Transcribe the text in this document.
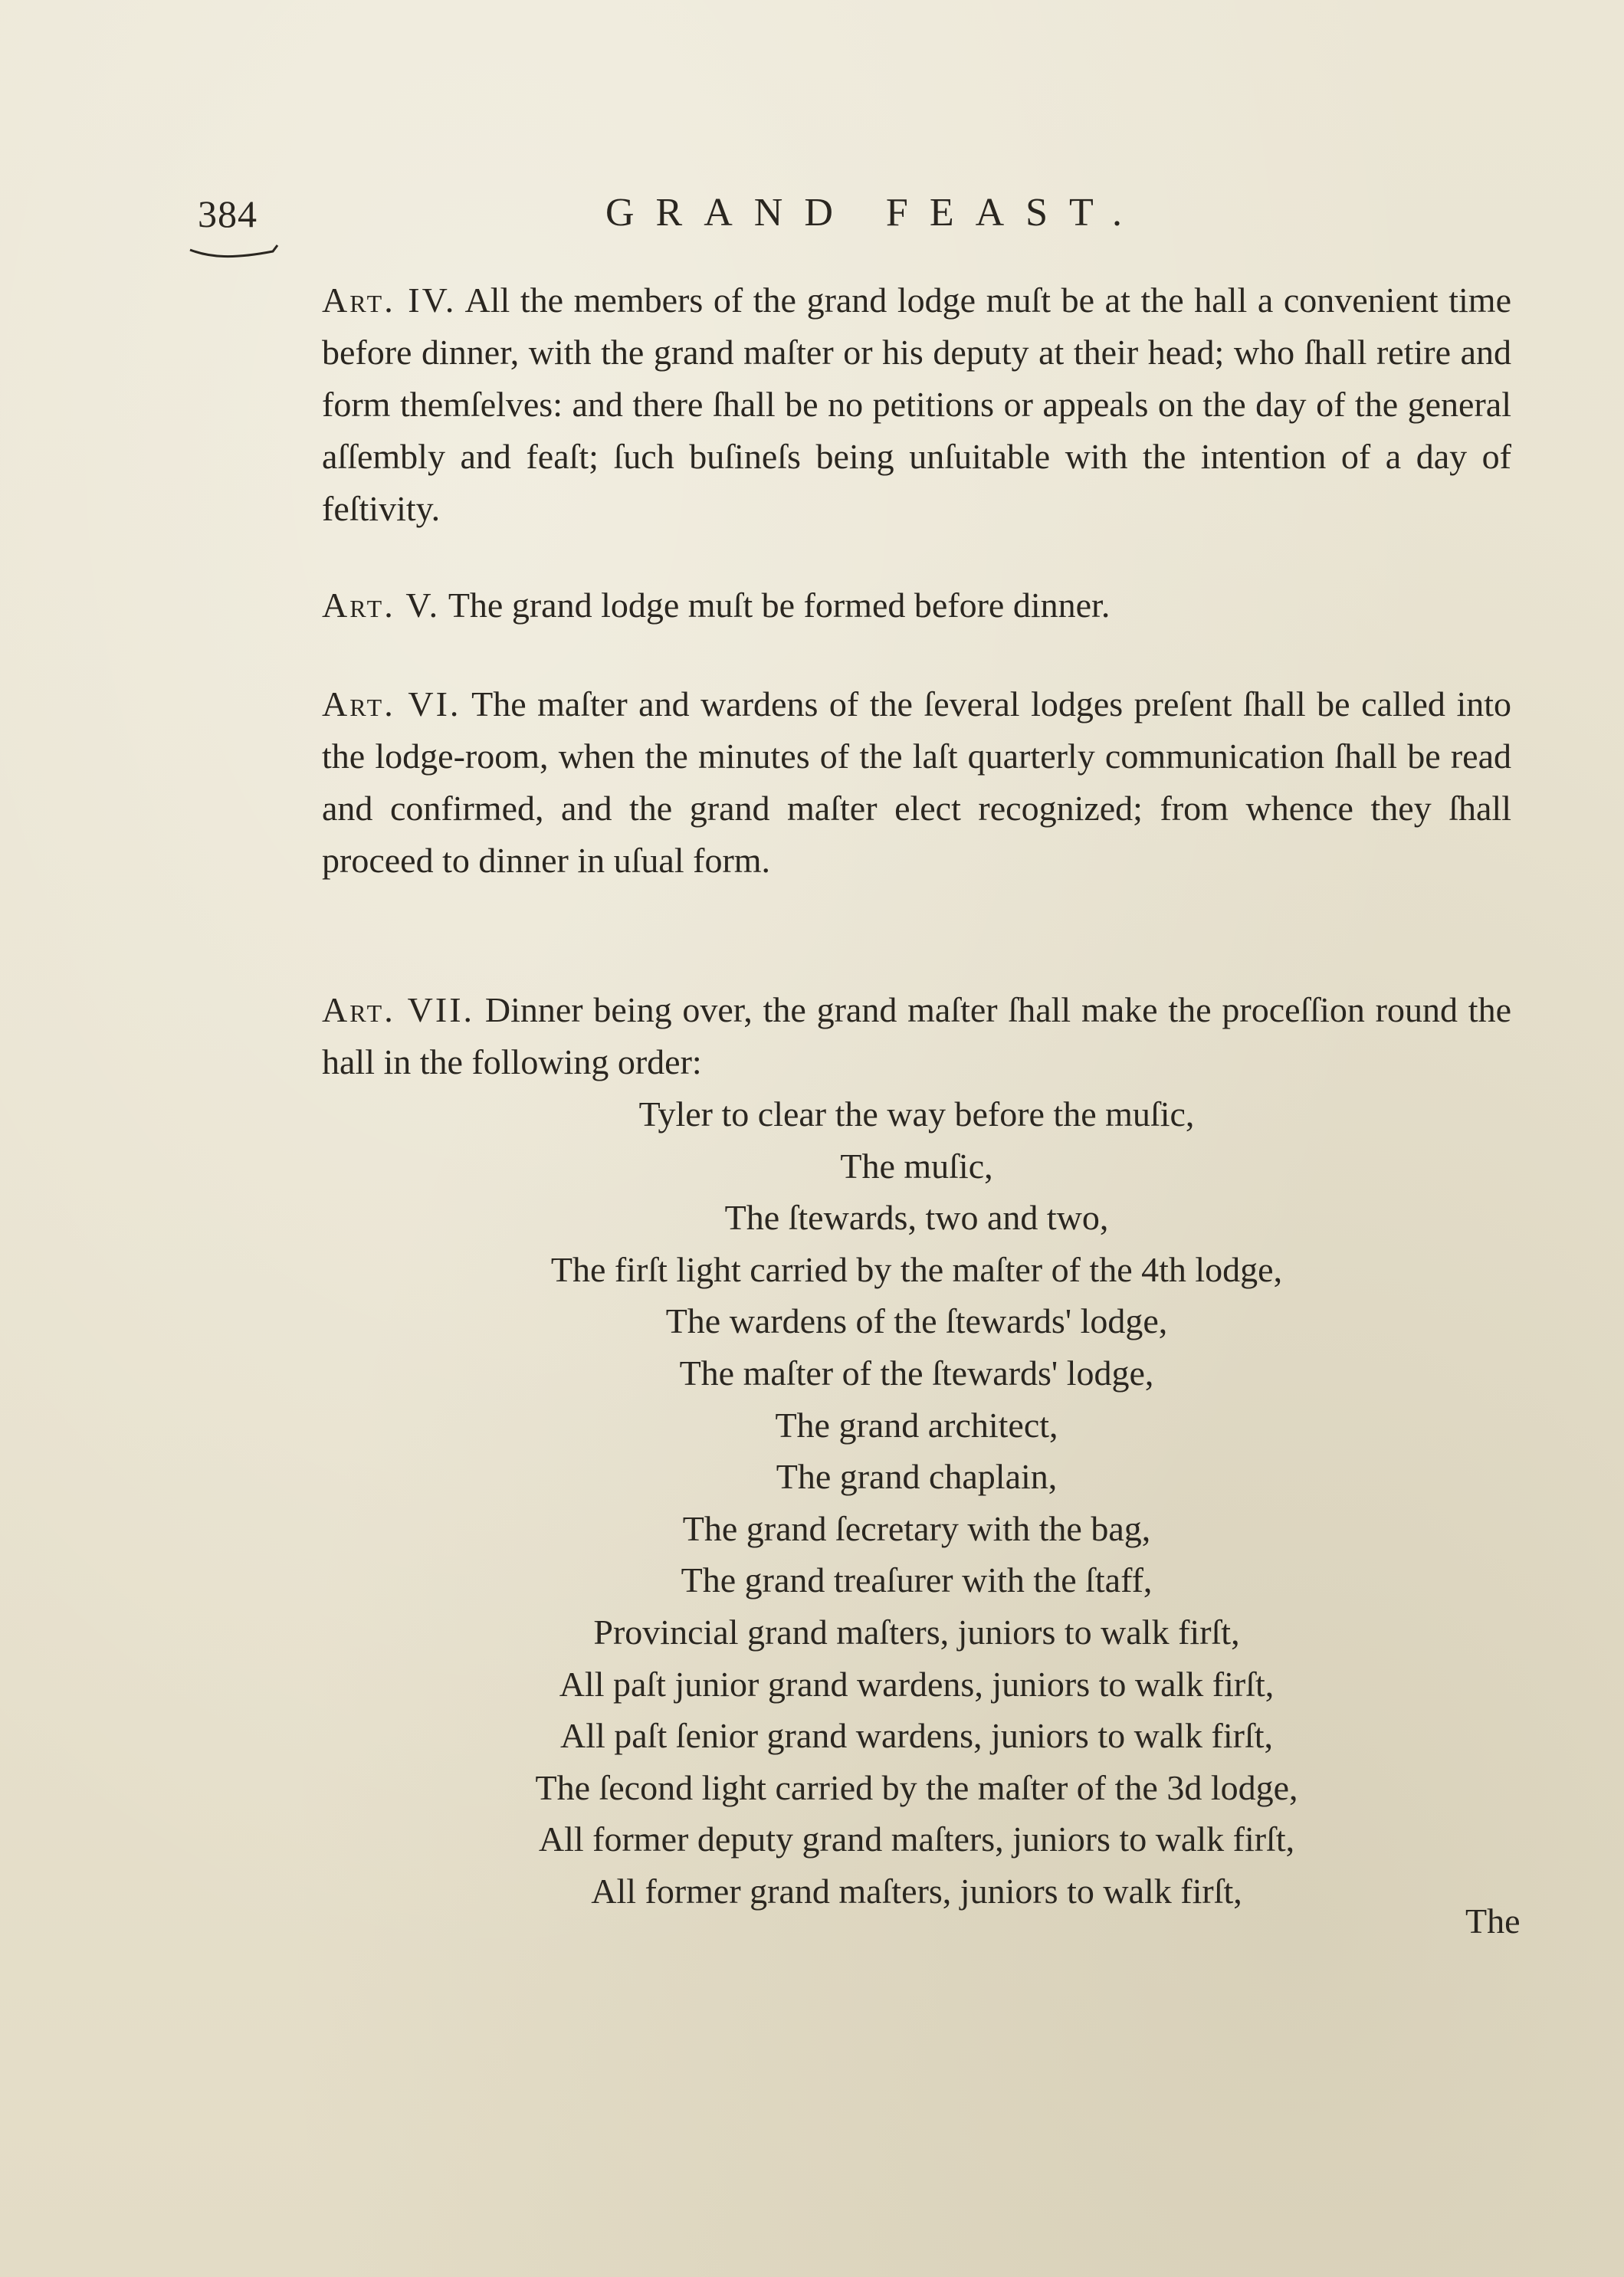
384	GRAND FEAST.

Art. IV. All the members of the grand lodge muſt be at the hall a convenient time before dinner, with the grand maſter or his deputy at their head; who ſhall retire and form themſelves: and there ſhall be no petitions or appeals on the day of the general aſſembly and feaſt; ſuch buſineſs being unſuitable with the intention of a day of feſtivity.

Art. V. The grand lodge muſt be formed before dinner.

Art. VI. The maſter and wardens of the ſeveral lodges preſent ſhall be called into the lodge-room, when the minutes of the laſt quarterly communication ſhall be read and confirmed, and the grand maſter elect recognized; from whence they ſhall proceed to dinner in uſual form.

Art. VII. Dinner being over, the grand maſter ſhall make the proceſſion round the hall in the following order:

Tyler to clear the way before the muſic,
The muſic,
The ſtewards, two and two,
The firſt light carried by the maſter of the 4th lodge,
The wardens of the ſtewards' lodge,
The maſter of the ſtewards' lodge,
The grand architect,
The grand chaplain,
The grand ſecretary with the bag,
The grand treaſurer with the ſtaff,
Provincial grand maſters, juniors to walk firſt,
All paſt junior grand wardens, juniors to walk firſt,
All paſt ſenior grand wardens, juniors to walk firſt,
The ſecond light carried by the maſter of the 3d lodge,
All former deputy grand maſters, juniors to walk firſt,
All former grand maſters, juniors to walk firſt,
The
